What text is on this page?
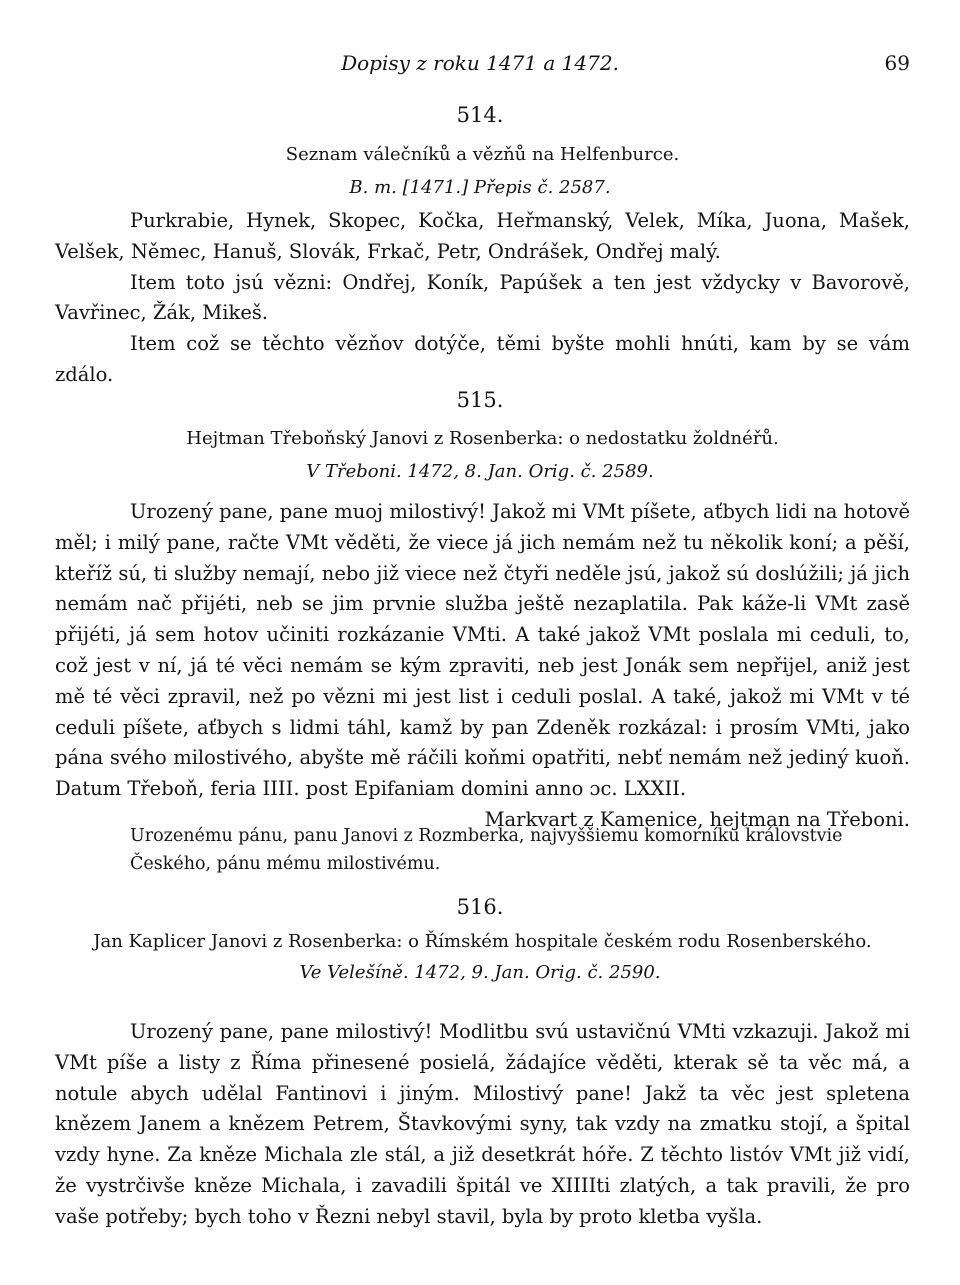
Dopisy z roku 1471 a 1472.	69
514.
Seznam válečníků a vězňů na Helfenburce.
B. m. [1471.] Přepis č. 2587.
Purkrabie, Hynek, Skopec, Kočka, Heřmanský, Velek, Míka, Juona, Mašek, Velšek, Němec, Hanuš, Slovák, Frkač, Petr, Ondrášek, Ondřej malý.
Item toto jsú vězni: Ondřej, Koník, Papúšek a ten jest vždycky v Bavorově, Vavřinec, Žák, Mikeš.
Item což se těchto vězňov dotýče, těmi byšte mohli hnúti, kam by se vám zdálo.
515.
Hejtman Třeboňský Janovi z Rosenberka: o nedostatku žoldnéřů.
V Třeboni. 1472, 8. Jan. Orig. č. 2589.
Urozený pane, pane muoj milostivý! Jakož mi VMt píšete, aťbych lidi na hotově měl; i milý pane, račte VMt věděti, že viece já jich nemám než tu několik koní; a pěší, kteříž sú, ti služby nemají, nebo již viece než čtyři neděle jsú, jakož sú doslúžili; já jich nemám nač přijéti, neb se jim prvnie služba ještě nezaplatila. Pak káže-li VMt zasě přijéti, já sem hotov učiniti rozkázanie VMti. A také jakož VMt poslala mi ceduli, to, což jest v ní, já té věci nemám se kým zpraviti, neb jest Jonák sem nepřijel, aniž jest mě té věci zpravil, než po vězni mi jest list i ceduli poslal. A také, jakož mi VMt v té ceduli píšete, aťbych s lidmi táhl, kamž by pan Zdeněk rozkázal: i prosím VMti, jako pána svého milostivého, abyšte mě ráčili koňmi opatřiti, nebť nemám než jediný kuoň. Datum Třeboň, feria IIII. post Epifaniam domini anno ɔc. LXXII.
Markvart z Kamenice, hejtman na Třeboni.
Urozenému pánu, panu Janovi z Rozmberka, najvyššiemu komorníku královstvie Českého, pánu mému milostivému.
516.
Jan Kaplicer Janovi z Rosenberka: o Římském hospitale českém rodu Rosenberského.
Ve Velešíně. 1472, 9. Jan. Orig. č. 2590.
Urozený pane, pane milostivý! Modlitbu svú ustavičnú VMti vzkazuji. Jakož mi VMt píše a listy z Říma přinesené posielá, žádajíce věděti, kterak sě ta věc má, a notule abych udělal Fantinovi i jiným. Milostivý pane! Jakž ta věc jest spletena knězem Janem a knězem Petrem, Štavkovými syny, tak vzdy na zmatku stojí, a špital vzdy hyne. Za kněze Michala zle stál, a již desetkrát hóře. Z těchto listóv VMt již vidí, že vystrčivše kněze Michala, i zavadili špitál ve XIIIIti zlatých, a tak pravili, že pro vaše potřeby; bych toho v Řezni nebyl stavil, byla by proto kletba vyšla.
